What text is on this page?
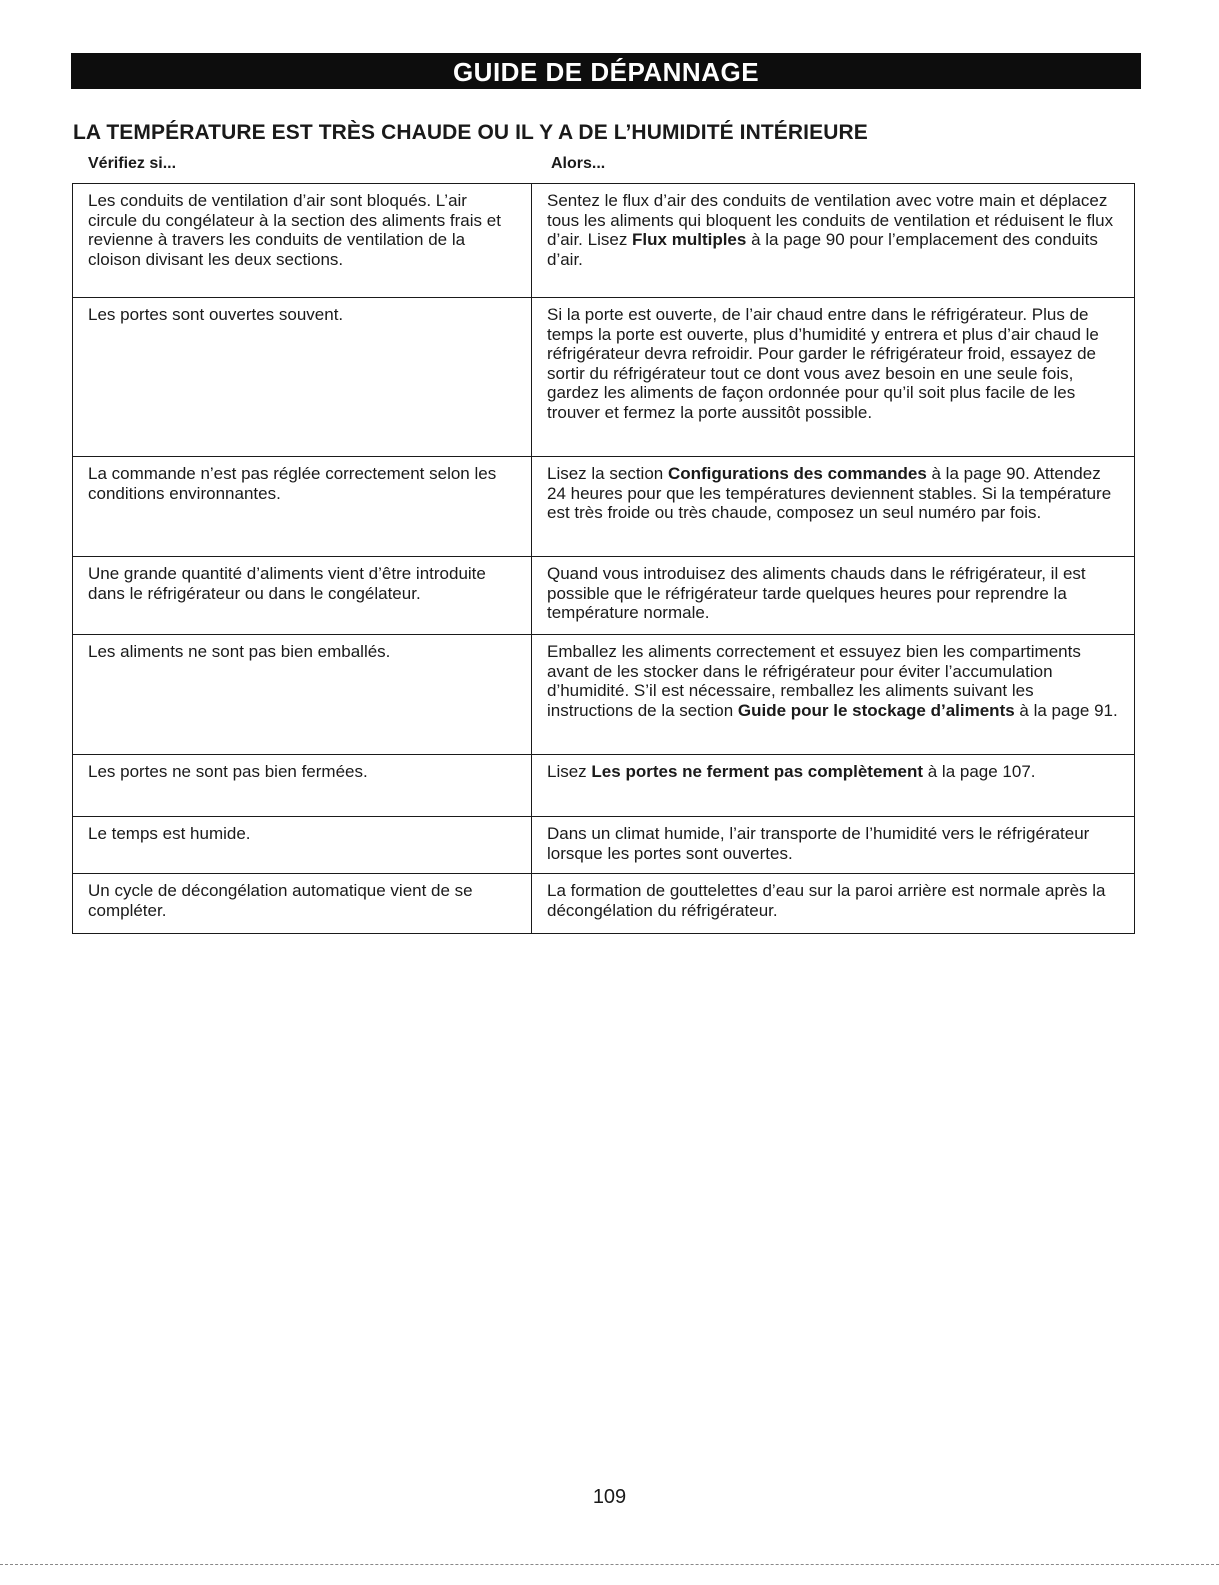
GUIDE DE DÉPANNAGE
LA TEMPÉRATURE EST TRÈS CHAUDE OU IL Y A DE L’HUMIDITÉ INTÉRIEURE
Vérifiez si...	Alors...
Les conduits de ventilation d’air sont bloqués. L’air circule du congélateur à la section des aliments frais et revienne à travers les conduits de ventilation de la cloison divisant les deux sections.	Sentez le flux d’air des conduits de ventilation avec votre main et déplacez tous les aliments qui bloquent les conduits de ventilation et réduisent le flux d’air. Lisez Flux multiples à la page 90 pour l’emplacement des conduits d’air.
Les portes sont ouvertes souvent.	Si la porte est ouverte, de l’air chaud entre dans le réfrigérateur. Plus de temps la porte est ouverte, plus d’humidité y entrera et plus d’air chaud le réfrigérateur devra refroidir. Pour garder le réfrigérateur froid, essayez de sortir du réfrigérateur tout ce dont vous avez besoin en une seule fois, gardez les aliments de façon ordonnée pour qu’il soit plus facile de les trouver et fermez la porte aussitôt possible.
La commande n’est pas réglée correctement selon les conditions environnantes.	Lisez la section Configurations des commandes à la page 90. Attendez 24 heures pour que les températures deviennent stables. Si la température est très froide ou très chaude, composez un seul numéro par fois.
Une grande quantité d’aliments vient d’être introduite dans le réfrigérateur ou dans le congélateur.	Quand vous introduisez des aliments chauds dans le réfrigérateur, il est possible que le réfrigérateur tarde quelques heures pour reprendre la température normale.
Les aliments ne sont pas bien emballés.	Emballez les aliments correctement et essuyez bien les compartiments avant de les stocker dans le réfrigérateur pour éviter l’accumulation d’humidité. S’il est nécessaire, remballez les aliments suivant les instructions de la section Guide pour le stockage d’aliments à la page 91.
Les portes ne sont pas bien fermées.	Lisez Les portes ne ferment pas complètement à la page 107.
Le temps est humide.	Dans un climat humide, l’air transporte de l’humidité vers le réfrigérateur lorsque les portes sont ouvertes.
Un cycle de décongélation automatique vient de se compléter.	La formation de gouttelettes d’eau sur la paroi arrière est normale après la décongélation du réfrigérateur.
109
